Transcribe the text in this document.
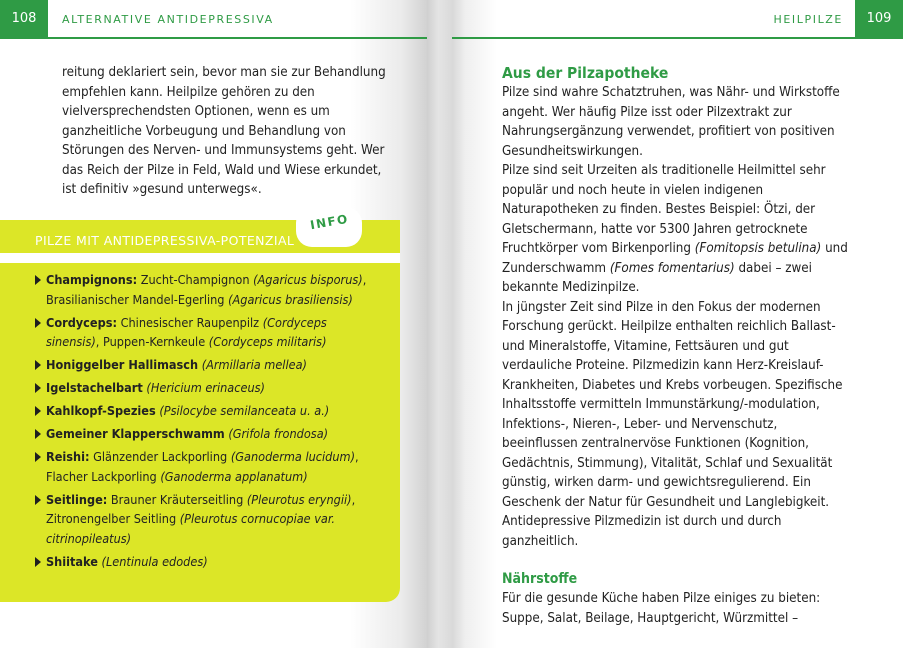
108	ALTERNATIVE ANTIDEPRESSIVA

reitung deklariert sein, bevor man sie zur Behandlung empfehlen kann. Heilpilze gehören zu den vielversprechendsten Optionen, wenn es um ganzheitliche Vorbeugung und Behandlung von Störungen des Nerven- und Immunsystems geht. Wer das Reich der Pilze in Feld, Wald und Wiese erkundet, ist definitiv »gesund unterwegs«.

PILZE MIT ANTIDEPRESSIVA-POTENZIAL
INFO
Champignons: Zucht-Champignon (Agaricus bisporus), Brasilianischer Mandel-Egerling (Agaricus brasiliensis)
Cordyceps: Chinesischer Raupenpilz (Cordyceps sinensis), Puppen-Kernkeule (Cordyceps militaris)
Honiggelber Hallimasch (Armillaria mellea)
Igelstachelbart (Hericium erinaceus)
Kahlkopf-Spezies (Psilocybe semilanceata u. a.)
Gemeiner Klapperschwamm (Grifola frondosa)
Reishi: Glänzender Lackporling (Ganoderma lucidum), Flacher Lackporling (Ganoderma applanatum)
Seitlinge: Brauner Kräuterseitling (Pleurotus eryngii), Zitronengelber Seitling (Pleurotus cornucopiae var. citrinopileatus)
Shiitake (Lentinula edodes)
109
HEILPILZE
Aus der Pilzapotheke

Pilze sind wahre Schatztruhen, was Nähr- und Wirkstoffe angeht. Wer häufig Pilze isst oder Pilzextrakt zur Nahrungsergänzung verwendet, profitiert von positiven Gesundheitswirkungen.

Pilze sind seit Urzeiten als traditionelle Heilmittel sehr populär und noch heute in vielen indigenen Naturapotheken zu finden. Bestes Beispiel: Ötzi, der Gletschermann, hatte vor 5300 Jahren getrocknete Fruchtkörper vom Birkenporling (Fomitopsis betulina) und Zunderschwamm (Fomes fomentarius) dabei – zwei bekannte Medizinpilze.

In jüngster Zeit sind Pilze in den Fokus der modernen Forschung gerückt. Heilpilze enthalten reichlich Ballast- und Mineralstoffe, Vitamine, Fettsäuren und gut verdauliche Proteine. Pilzmedizin kann Herz-Kreislauf-Krankheiten, Diabetes und Krebs vorbeugen. Spezifische Inhaltsstoffe vermitteln Immunstärkung/-modulation, Infektions-, Nieren-, Leber- und Nervenschutz, beeinflussen zentralnervöse Funktionen (Kognition, Gedächtnis, Stimmung), Vitalität, Schlaf und Sexualität günstig, wirken darm- und gewichtsregulierend. Ein Geschenk der Natur für Gesundheit und Langlebigkeit. Antidepressive Pilzmedizin ist durch und durch ganzheitlich.

Nährstoffe

Für die gesunde Küche haben Pilze einiges zu bieten: Suppe, Salat, Beilage, Hauptgericht, Würzmittel –
